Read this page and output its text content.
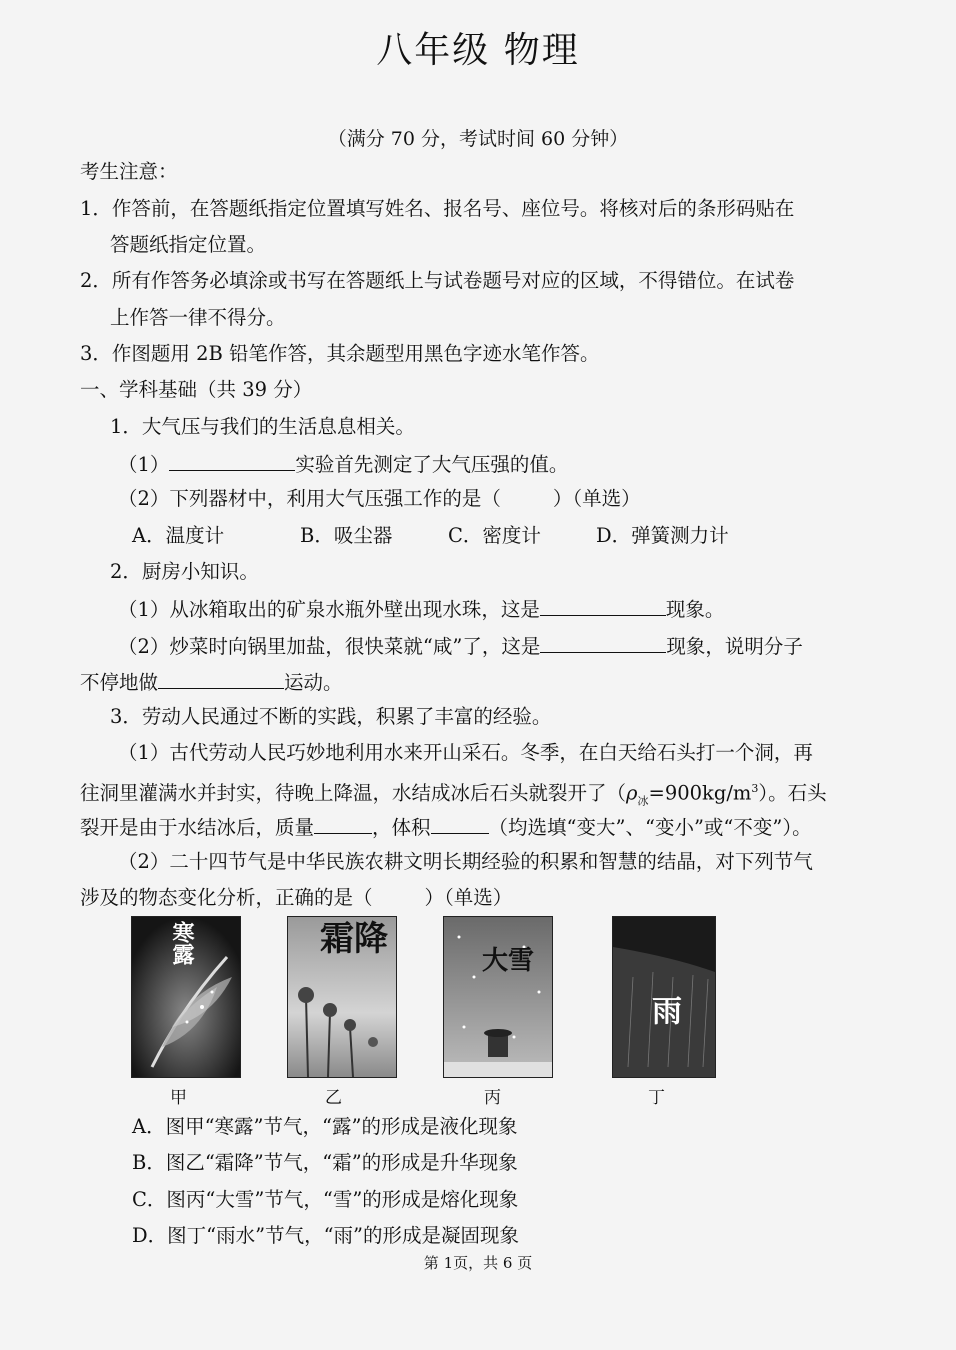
八年级 物理
（满分 70 分，考试时间 60 分钟）
考生注意：
1．作答前，在答题纸指定位置填写姓名、报名号、座位号。将核对后的条形码贴在
答题纸指定位置。
2．所有作答务必填涂或书写在答题纸上与试卷题号对应的区域，不得错位。在试卷
上作答一律不得分。
3．作图题用 2B 铅笔作答，其余题型用黑色字迹水笔作答。
一、学科基础（共 39 分）
1．大气压与我们的生活息息相关。
（1）	实验首先测定了大气压强的值。
（2）下列器材中，利用大气压强工作的是（	）（单选）
A．温度计	B．吸尘器	C．密度计	D．弹簧测力计
2．厨房小知识。
（1）从冰箱取出的矿泉水瓶外壁出现水珠，这是	现象。
（2）炒菜时向锅里加盐，很快菜就“咸”了，这是	现象，说明分子
不停地做	运动。
3．劳动人民通过不断的实践，积累了丰富的经验。
（1）古代劳动人民巧妙地利用水来开山采石。冬季，在白天给石头打一个洞，再
往洞里灌满水并封实，待晚上降温，水结成冰后石头就裂开了$(\rho_冰=900kg/m^3)$。石头
裂开是由于水结冰后，质量	，体积	（均选填“变大”、“变小”或“不变”）。
（2）二十四节气是中华民族农耕文明长期经验的积累和智慧的结晶，对下列节气
涉及的物态变化分析，正确的是（	）（单选）
寒露
甲
霜降
乙
大雪
丙
雨
丁
A．图甲“寒露”节气，“露”的形成是液化现象
B．图乙“霜降”节气，“霜”的形成是升华现象
C．图丙“大雪”节气，“雪”的形成是熔化现象
D．图丁“雨水”节气，“雨”的形成是凝固现象
第 1页，共 6 页
